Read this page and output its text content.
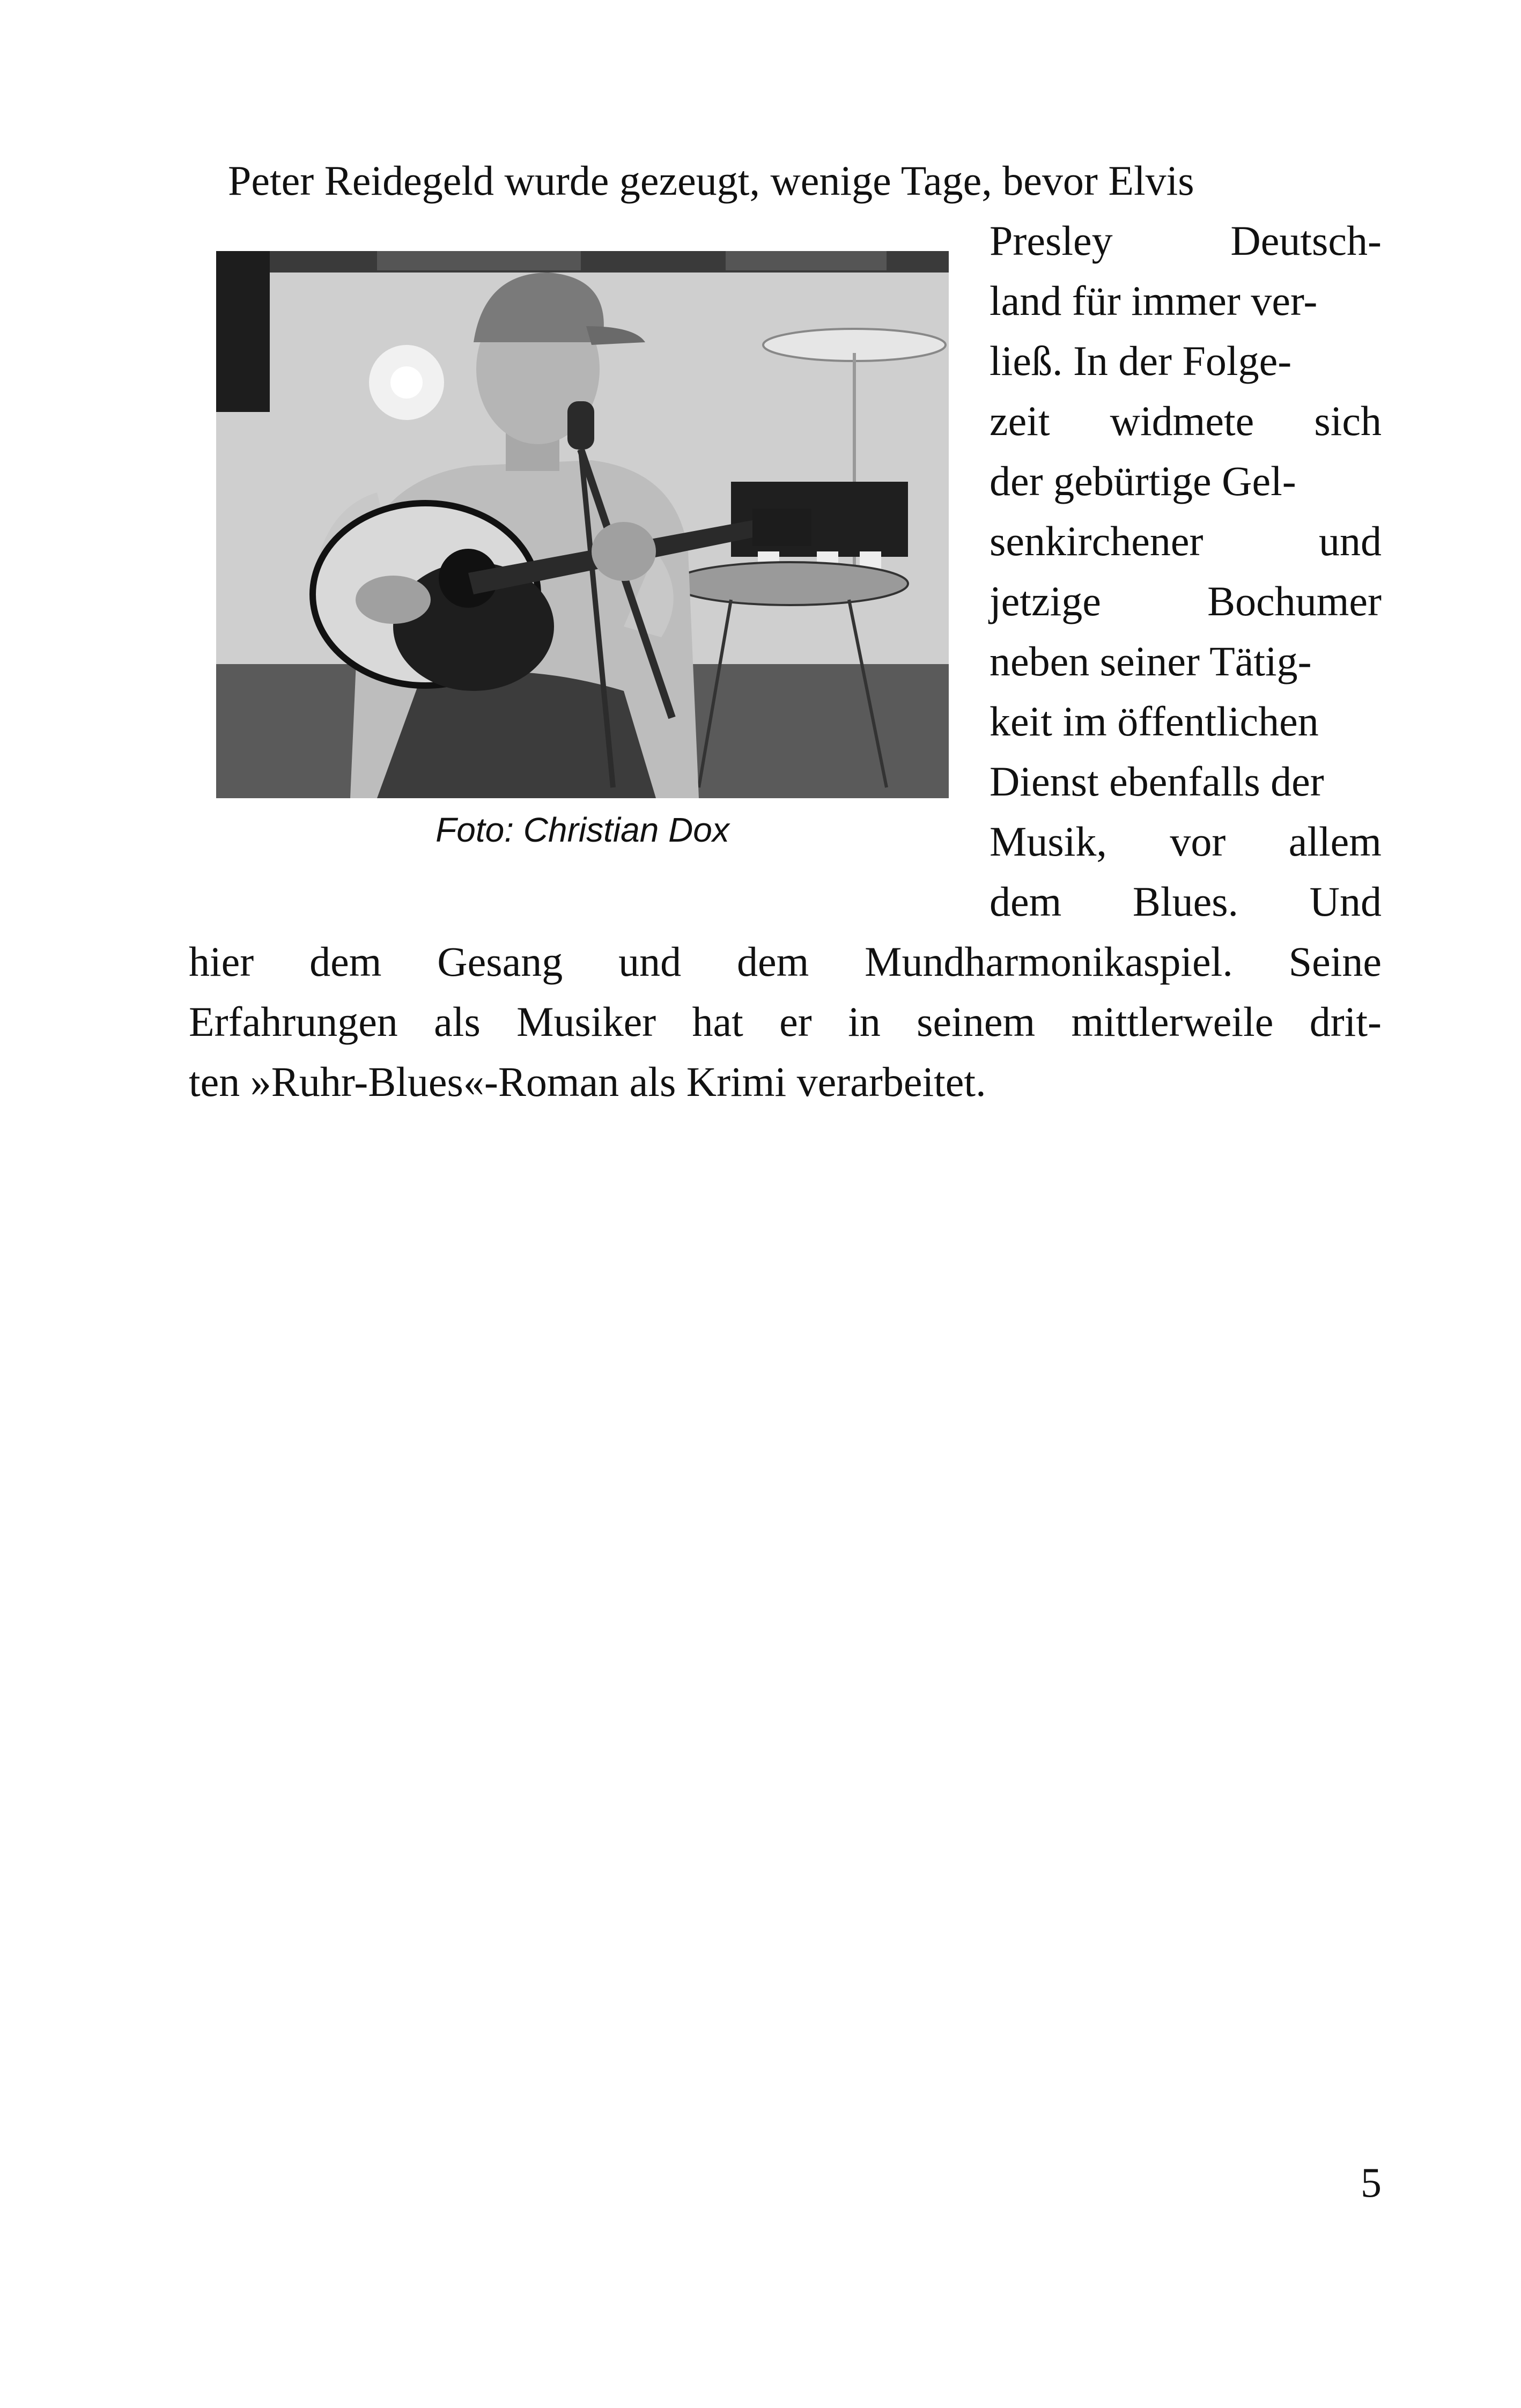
Peter Reidegeld wurde gezeugt, wenige Tage, bevor Elvis
Foto: Christian Dox
Presley	Deutsch-
land für immer ver-
ließ. In der Folge-
zeit widmete sich
der gebürtige Gel-
senkirchener	und
jetzige	Bochumer
neben seiner Tätig-
keit im öffentlichen
Dienst ebenfalls der
Musik, vor allem
dem Blues. Und
hier dem Gesang und dem Mundharmonikaspiel. Seine
Erfahrungen als Musiker hat er in seinem mittlerweile drit-
ten »Ruhr-Blues«-Roman als Krimi verarbeitet.
5
